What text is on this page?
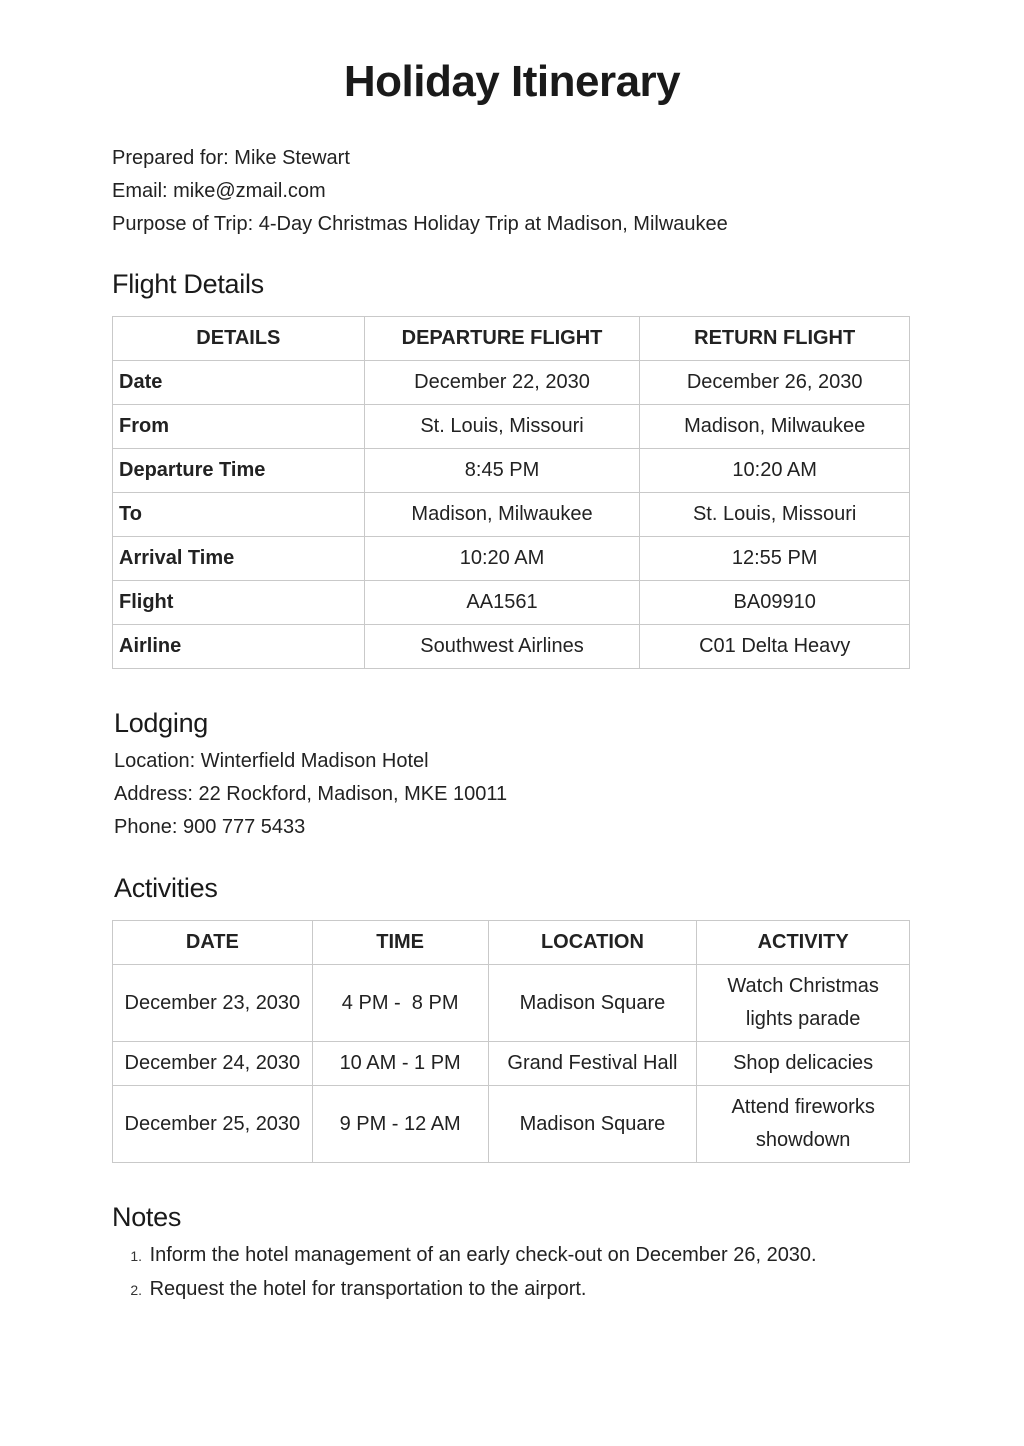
Holiday Itinerary
Prepared for: Mike Stewart
Email: mike@zmail.com
Purpose of Trip: 4-Day Christmas Holiday Trip at Madison, Milwaukee
Flight Details
DETAILS	DEPARTURE FLIGHT	RETURN FLIGHT
Date	December 22, 2030	December 26, 2030
From	St. Louis, Missouri	Madison, Milwaukee
Departure Time	8:45 PM	10:20 AM
To	Madison, Milwaukee	St. Louis, Missouri
Arrival Time	10:20 AM	12:55 PM
Flight	AA1561	BA09910
Airline	Southwest Airlines	C01 Delta Heavy
Lodging
Location: Winterfield Madison Hotel
Address: 22 Rockford, Madison, MKE 10011
Phone: 900 777 5433
Activities
DATE	TIME	LOCATION	ACTIVITY
December 23, 2030	4 PM -  8 PM	Madison Square	Watch Christmas
lights parade

December 24, 2030	10 AM - 1 PM	Grand Festival Hall	Shop delicacies

December 25, 2030	9 PM - 12 AM	Madison Square	Attend fireworks
showdown
Notes
1. Inform the hotel management of an early check-out on December 26, 2030.
2. Request the hotel for transportation to the airport.
